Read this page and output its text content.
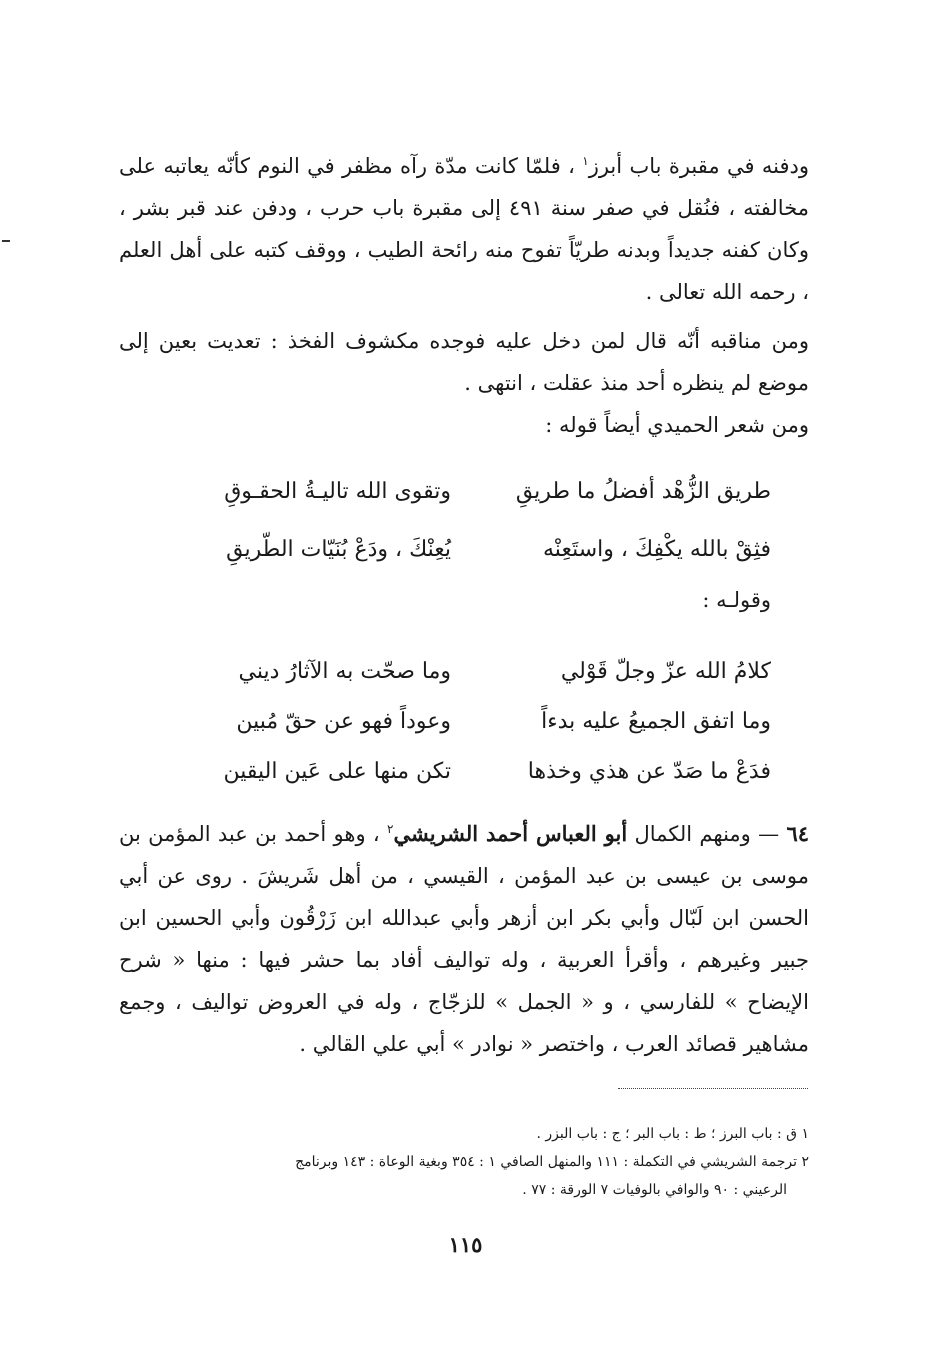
ودفنه في مقبرة باب أبرز$^١$ ، فلمّا كانت مدّة رآه مظفر في النوم كأنّه يعاتبه على مخالفته ، فنُقل في صفر سنة ٤٩١ إلى مقبرة باب حرب ، ودفن عند قبر بشر ، وكان كفنه جديداً وبدنه طريّاً تفوح منه رائحة الطيب ، ووقف كتبه على أهل العلم ، رحمه الله تعالى .

ومن مناقبه أنّه قال لمن دخل عليه فوجده مكشوف الفخذ : تعديت بعين إلى موضع لم ينظره أحد منذ عقلت ، انتهى .

ومن شعر الحميدي أيضاً قوله :

طريق الزُّهْد أفضلُ ما طريقِ
وتقوى الله تاليـةُ الحقـوقِ
فثِقْ بالله يكْفِكَ ، واستَعِنْه
يُعِنْكَ ، ودَعْ بُنَيّات الطّريقِ
وقولـه :
كلامُ الله عزّ وجلّ قَوْلي
وما صحّت به الآثارُ ديني
وما اتفق الجميعُ عليه بدءاً
وعوداً فهو عن حقّ مُبين
فدَعْ ما صَدّ عن هذي وخذها
تكن منها على عَين اليقين

٦٤ — ومنهم الكمال أبو العباس أحمد الشريشي$^٢$ ، وهو أحمد بن عبد المؤمن بن موسى بن عيسى بن عبد المؤمن ، القيسي ، من أهل شَريشَ . روى عن أبي الحسن ابن لَبّال وأبي بكر ابن أزهر وأبي عبدالله ابن زَرْقُون وأبي الحسين ابن جبير وغيرهم ، وأقرأ العربية ، وله تواليف أفاد بما حشر فيها : منها « شرح الإيضاح » للفارسي ، و « الجمل » للزجّاج ، وله في العروض تواليف ، وجمع مشاهير قصائد العرب ، واختصر « نوادر » أبي علي القالي .

١ ق : باب البرز ؛ ط : باب البر ؛ ج : باب البزر .
٢ ترجمة الشريشي في التكملة : ١١١ والمنهل الصافي ١ : ٣٥٤ وبغية الوعاة : ١٤٣ وبرنامج
الرعيني : ٩٠ والوافي بالوفيات ٧ الورقة : ٧٧ .
١١٥
